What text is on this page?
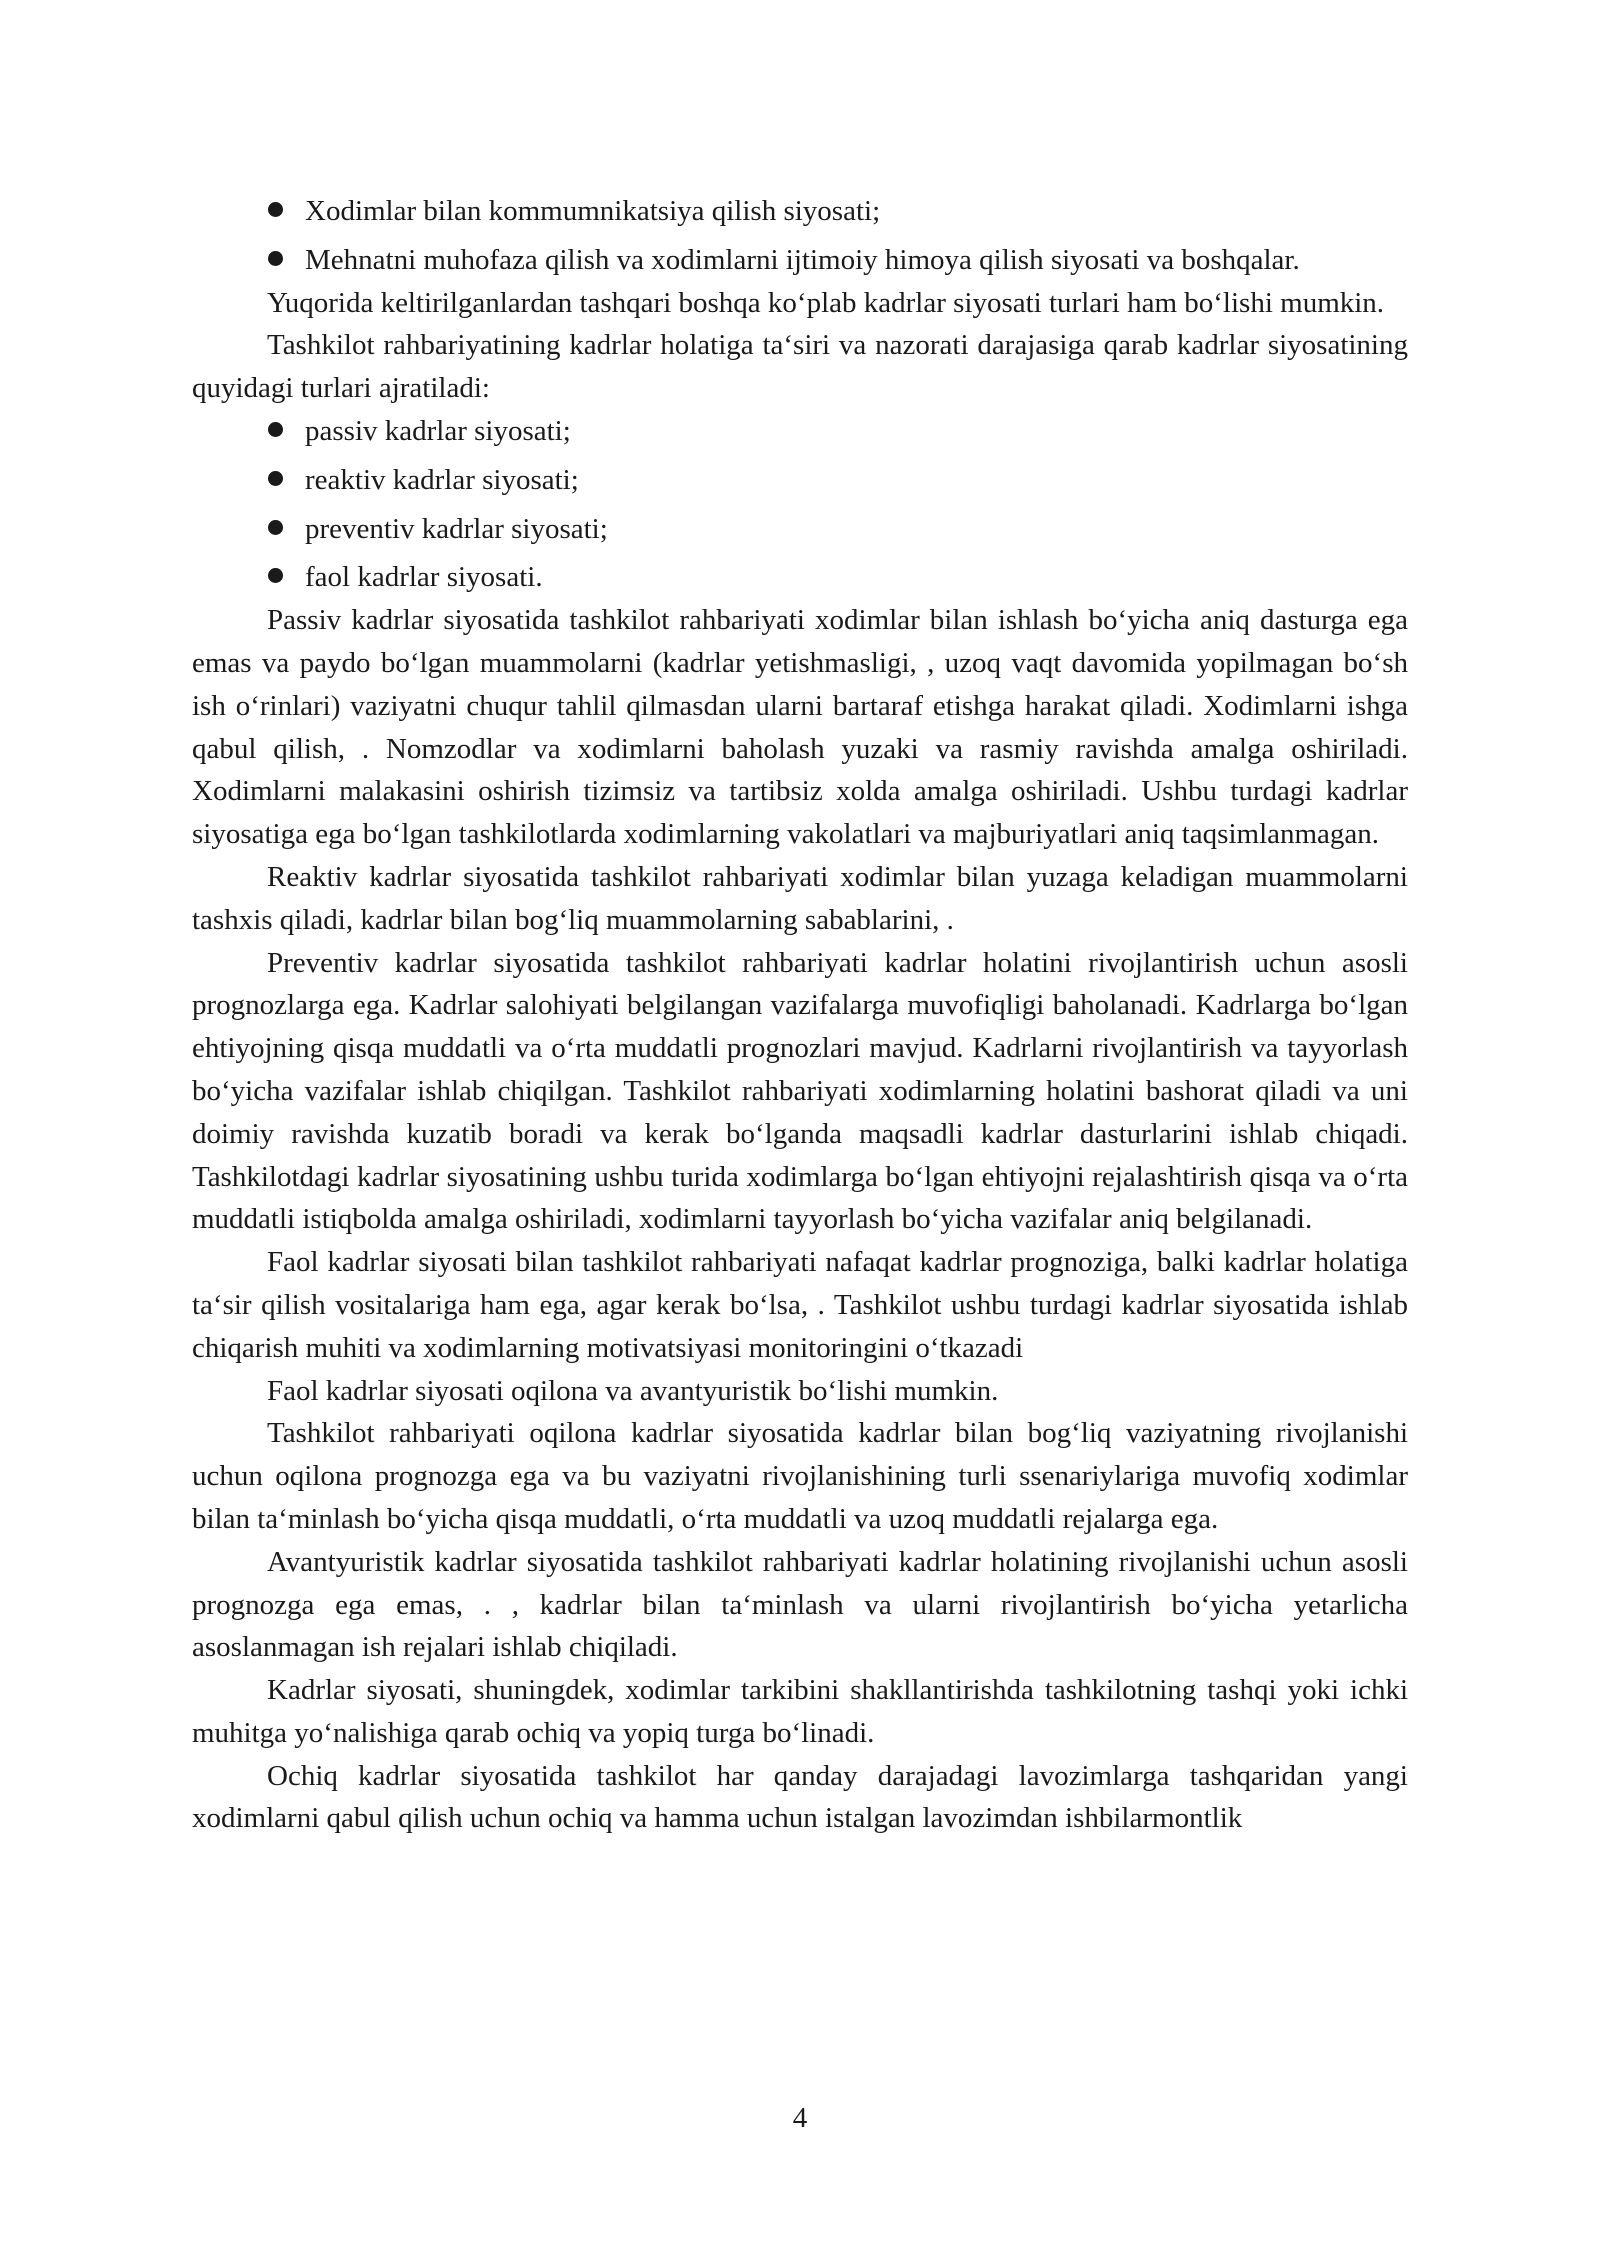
Xodimlar bilan kommumnikatsiya qilish siyosati;

Mehnatni muhofaza qilish va xodimlarni ijtimoiy himoya qilish siyosati va boshqalar.

Yuqorida keltirilganlardan tashqari boshqa ko‘plab kadrlar siyosati turlari ham bo‘lishi mumkin.

Tashkilot rahbariyatining kadrlar holatiga ta‘siri va nazorati darajasiga qarab kadrlar siyosatining quyidagi turlari ajratiladi:

passiv kadrlar siyosati;

reaktiv kadrlar siyosati;

preventiv kadrlar siyosati;

faol kadrlar siyosati.

Passiv kadrlar siyosatida tashkilot rahbariyati xodimlar bilan ishlash bo‘yicha aniq dasturga ega emas va paydo bo‘lgan muammolarni (kadrlar yetishmasligi, , uzoq vaqt davomida yopilmagan bo‘sh ish o‘rinlari) vaziyatni chuqur tahlil qilmasdan ularni bartaraf etishga harakat qiladi. Xodimlarni ishga qabul qilish, . Nomzodlar va xodimlarni baholash yuzaki va rasmiy ravishda amalga oshiriladi. Xodimlarni malakasini oshirish tizimsiz va tartibsiz xolda amalga oshiriladi. Ushbu turdagi kadrlar siyosatiga ega bo‘lgan tashkilotlarda xodimlarning vakolatlari va majburiyatlari aniq taqsimlanmagan.

Reaktiv kadrlar siyosatida tashkilot rahbariyati xodimlar bilan yuzaga keladigan muammolarni tashxis qiladi, kadrlar bilan bog‘liq muammolarning sabablarini, .

Preventiv kadrlar siyosatida tashkilot rahbariyati kadrlar holatini rivojlantirish uchun asosli prognozlarga ega. Kadrlar salohiyati belgilangan vazifalarga muvofiqligi baholanadi. Kadrlarga bo‘lgan ehtiyojning qisqa muddatli va o‘rta muddatli prognozlari mavjud. Kadrlarni rivojlantirish va tayyorlash bo‘yicha vazifalar ishlab chiqilgan. Tashkilot rahbariyati xodimlarning holatini bashorat qiladi va uni doimiy ravishda kuzatib boradi va kerak bo‘lganda maqsadli kadrlar dasturlarini ishlab chiqadi. Tashkilotdagi kadrlar siyosatining ushbu turida xodimlarga bo‘lgan ehtiyojni rejalashtirish qisqa va o‘rta muddatli istiqbolda amalga oshiriladi, xodimlarni tayyorlash bo‘yicha vazifalar aniq belgilanadi.

Faol kadrlar siyosati bilan tashkilot rahbariyati nafaqat kadrlar prognoziga, balki kadrlar holatiga ta‘sir qilish vositalariga ham ega, agar kerak bo‘lsa, . Tashkilot ushbu turdagi kadrlar siyosatida ishlab chiqarish muhiti va xodimlarning motivatsiyasi monitoringini o‘tkazadi

Faol kadrlar siyosati oqilona va avantyuristik bo‘lishi mumkin.

Tashkilot rahbariyati oqilona kadrlar siyosatida kadrlar bilan bog‘liq vaziyatning rivojlanishi uchun oqilona prognozga ega va bu vaziyatni rivojlanishining turli ssenariylariga muvofiq xodimlar bilan ta‘minlash bo‘yicha qisqa muddatli, o‘rta muddatli va uzoq muddatli rejalarga ega.

Avantyuristik kadrlar siyosatida tashkilot rahbariyati kadrlar holatining rivojlanishi uchun asosli prognozga ega emas, . , kadrlar bilan ta‘minlash va ularni rivojlantirish bo‘yicha yetarlicha asoslanmagan ish rejalari ishlab chiqiladi.

Kadrlar siyosati, shuningdek, xodimlar tarkibini shakllantirishda tashkilotning tashqi yoki ichki muhitga yo‘nalishiga qarab ochiq va yopiq turga bo‘linadi.

Ochiq kadrlar siyosatida tashkilot har qanday darajadagi lavozimlarga tashqaridan yangi xodimlarni qabul qilish uchun ochiq va hamma uchun istalgan lavozimdan ishbilarmontlik

4
